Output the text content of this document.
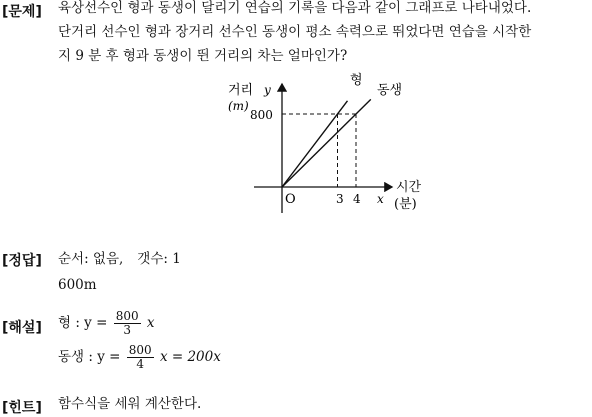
[문제] 육상선수인 형과 동생이 달리기 연습의 기록을 다음과 같이 그래프로 나타내었다.
단거리 선수인 형과 장거리 선수인 동생이 평소 속력으로 뛰었다면 연습을 시작한
지 9 분 후 형과 동생이 뛴 거리의 차는 얼마인가?
거리 y
(m)
800
O	3 4 x
시간
(분)
형
동생
[정답] 순서: 없음, 갯수: 1
600m
[해설] 형 : $y = \frac{800}{3}$ x
동생 : $y = \frac{800}{4}$ x = 200x
[힌트] 함수식을 세워 계산한다.
